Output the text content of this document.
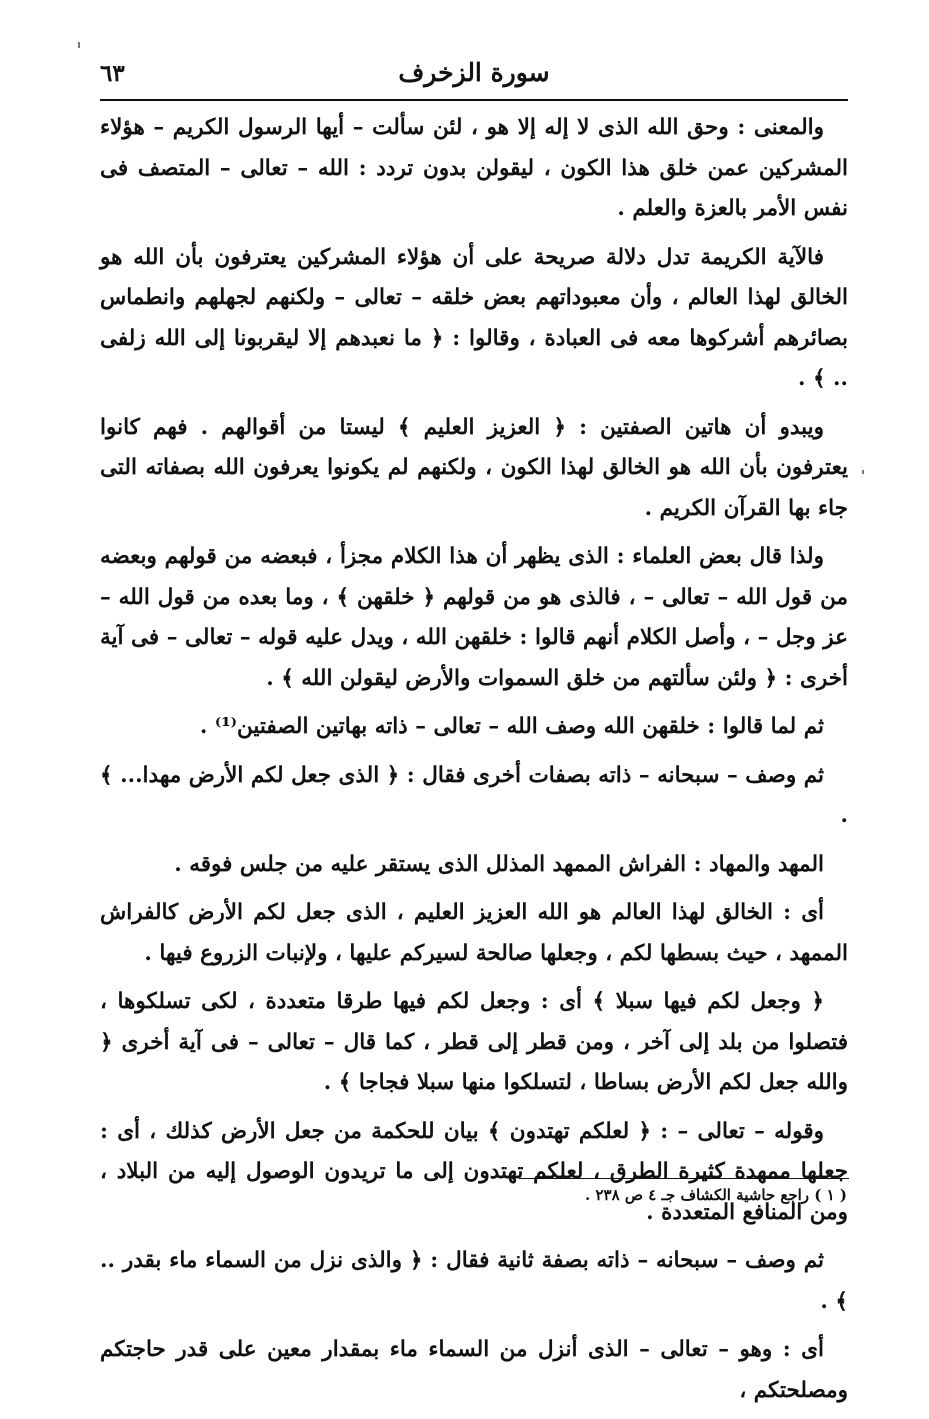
سورة الزخرف
٦٣

والمعنى : وحق الله الذى لا إله إلا هو ، لئن سألت – أيها الرسول الكريم – هؤلاء المشركين عمن خلق هذا الكون ، ليقولن بدون تردد : الله – تعالى – المتصف فى نفس الأمر بالعزة والعلم .

فالآية الكريمة تدل دلالة صريحة على أن هؤلاء المشركين يعترفون بأن الله هو الخالق لهذا العالم ، وأن معبوداتهم بعض خلقه – تعالى – ولكنهم لجهلهم وانطماس بصائرهم أشركوها معه فى العبادة ، وقالوا : ﴿ ما نعبدهم إلا ليقربونا إلى الله زلفى .. ﴾ .

ويبدو أن هاتين الصفتين : ﴿ العزيز العليم ﴾ ليستا من أقوالهم . فهم كانوا يعترفون بأن الله هو الخالق لهذا الكون ، ولكنهم لم يكونوا يعرفون الله بصفاته التى جاء بها القرآن الكريم .

ولذا قال بعض العلماء : الذى يظهر أن هذا الكلام مجزأ ، فبعضه من قولهم وبعضه من قول الله – تعالى – ، فالذى هو من قولهم ﴿ خلقهن ﴾ ، وما بعده من قول الله – عز وجل – ، وأصل الكلام أنهم قالوا : خلقهن الله ، ويدل عليه قوله – تعالى – فى آية أخرى : ﴿ ولئن سألتهم من خلق السموات والأرض ليقولن الله ﴾ .

ثم لما قالوا : خلقهن الله وصف الله – تعالى – ذاته بهاتين الصفتين⁽¹⁾ .

ثم وصف – سبحانه – ذاته بصفات أخرى فقال : ﴿ الذى جعل لكم الأرض مهدا... ﴾ .

المهد والمهاد : الفراش الممهد المذلل الذى يستقر عليه من جلس فوقه .

أى : الخالق لهذا العالم هو الله العزيز العليم ، الذى جعل لكم الأرض كالفراش الممهد ، حيث بسطها لكم ، وجعلها صالحة لسيركم عليها ، ولإنبات الزروع فيها .

﴿ وجعل لكم فيها سبلا ﴾ أى : وجعل لكم فيها طرقا متعددة ، لكى تسلكوها ، فتصلوا من بلد إلى آخر ، ومن قطر إلى قطر ، كما قال – تعالى – فى آية أخرى ﴿ والله جعل لكم الأرض بساطا ، لتسلكوا منها سبلا فجاجا ﴾ .

وقوله – تعالى – : ﴿ لعلكم تهتدون ﴾ بيان للحكمة من جعل الأرض كذلك ، أى : جعلها ممهدة كثيرة الطرق ، لعلكم تهتدون إلى ما تريدون الوصول إليه من البلاد ، ومن المنافع المتعددة .

ثم وصف – سبحانه – ذاته بصفة ثانية فقال : ﴿ والذى نزل من السماء ماء بقدر .. ﴾ .

أى : وهو – تعالى – الذى أنزل من السماء ماء بمقدار معين على قدر حاجتكم ومصلحتكم ،

( ١ ) راجع حاشية الكشاف جـ ٤ ص ٢٣٨ .
